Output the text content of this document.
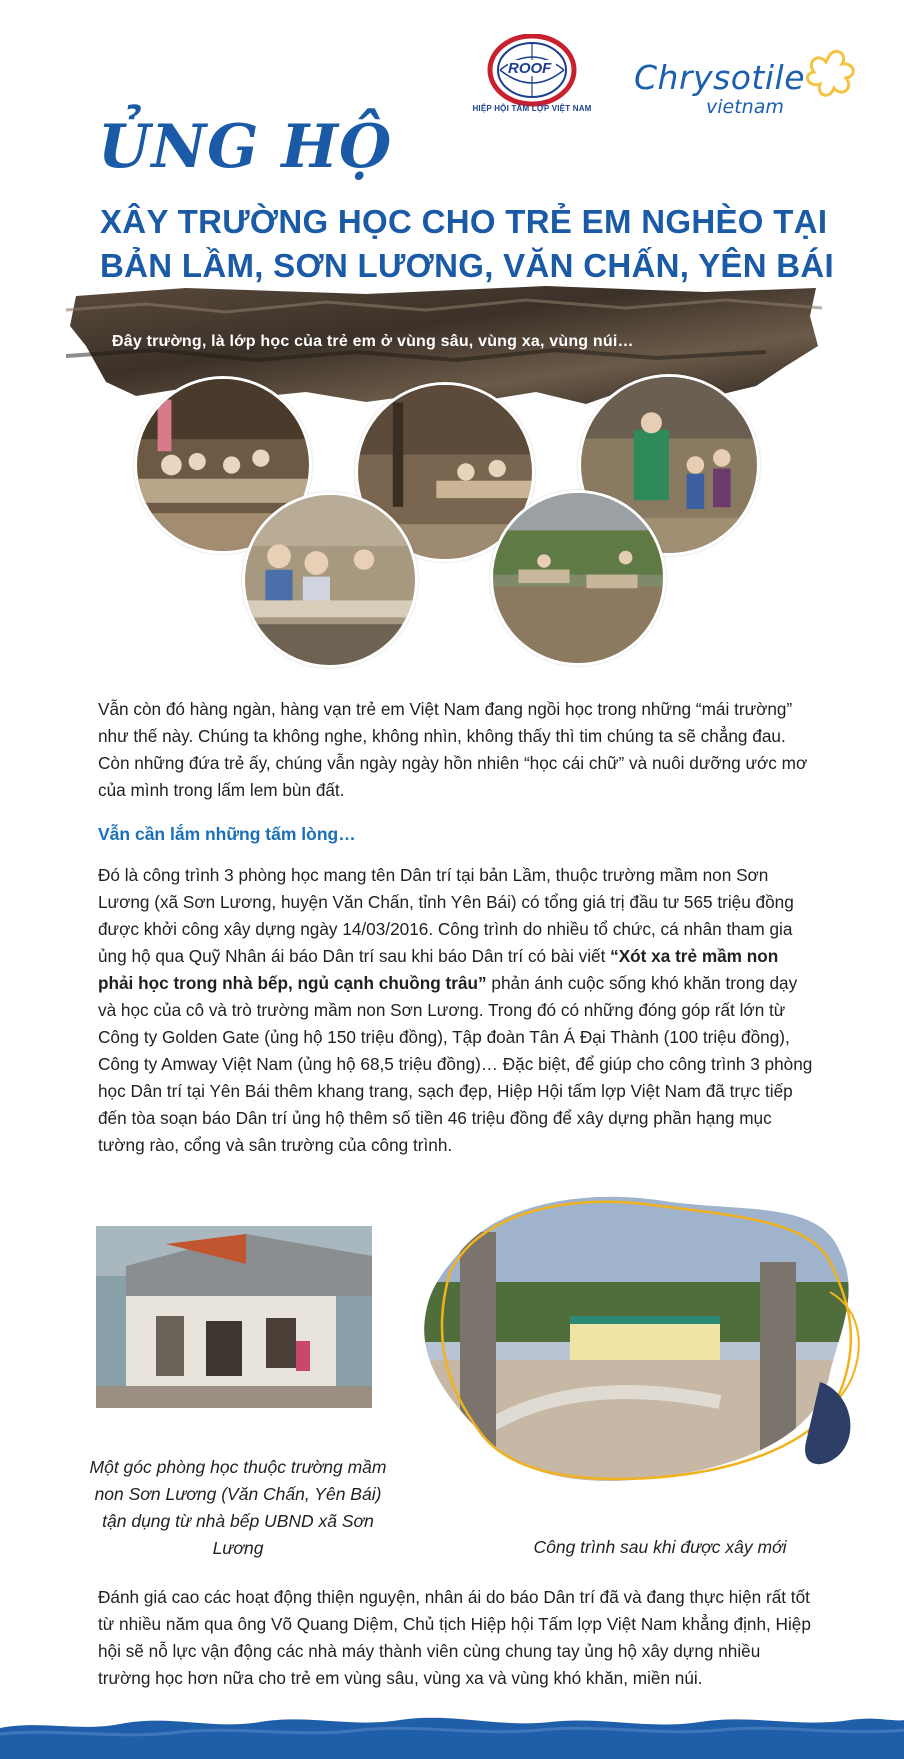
ROOF
HIỆP HỘI TẤM LỢP VIỆT NAM
Chrysotile
vietnam
ỦNG HỘ
XÂY TRƯỜNG HỌC CHO TRẺ EM NGHÈO TẠI
BẢN LẦM, SƠN LƯƠNG, VĂN CHẤN, YÊN BÁI
Đây trường, là lớp học của trẻ em ở vùng sâu, vùng xa, vùng núi…
Vẫn còn đó hàng ngàn, hàng vạn trẻ em Việt Nam đang ngồi học trong những “mái trường” như thế này. Chúng ta không nghe, không nhìn, không thấy thì tim chúng ta sẽ chẳng đau. Còn những đứa trẻ ấy, chúng vẫn ngày ngày hồn nhiên “học cái chữ” và nuôi dưỡng ước mơ của mình trong lấm lem bùn đất.
Vẫn cần lắm những tấm lòng…
Đó là công trình 3 phòng học mang tên Dân trí tại bản Lầm, thuộc trường mầm non Sơn Lương (xã Sơn Lương, huyện Văn Chấn, tỉnh Yên Bái) có tổng giá trị đầu tư 565 triệu đồng được khởi công xây dựng ngày 14/03/2016. Công trình do nhiều tổ chức, cá nhân tham gia ủng hộ qua Quỹ Nhân ái báo Dân trí sau khi báo Dân trí có bài viết “Xót xa trẻ mầm non phải học trong nhà bếp, ngủ cạnh chuồng trâu” phản ánh cuộc sống khó khăn trong dạy và học của cô và trò trường mầm non Sơn Lương. Trong đó có những đóng góp rất lớn từ Công ty Golden Gate (ủng hộ 150 triệu đồng), Tập đoàn Tân Á Đại Thành (100 triệu đồng), Công ty Amway Việt Nam (ủng hộ 68,5 triệu đồng)… Đặc biệt, để giúp cho công trình 3 phòng học Dân trí tại Yên Bái thêm khang trang, sạch đẹp, Hiệp Hội tấm lợp Việt Nam đã trực tiếp đến tòa soạn báo Dân trí ủng hộ thêm số tiền 46 triệu đồng để xây dựng phần hạng mục tường rào, cổng và sân trường của công trình.
Một góc phòng học thuộc trường mầm non Sơn Lương (Văn Chấn, Yên Bái) tận dụng từ nhà bếp UBND xã Sơn Lương	Công trình sau khi được xây mới
Đánh giá cao các hoạt động thiện nguyện, nhân ái do báo Dân trí đã và đang thực hiện rất tốt từ nhiều năm qua ông Võ Quang Diệm, Chủ tịch Hiệp hội Tấm lợp Việt Nam khẳng định, Hiệp hội sẽ nỗ lực vận động các nhà máy thành viên cùng chung tay ủng hộ xây dựng nhiều trường học hơn nữa cho trẻ em vùng sâu, vùng xa và vùng khó khăn, miền núi.
